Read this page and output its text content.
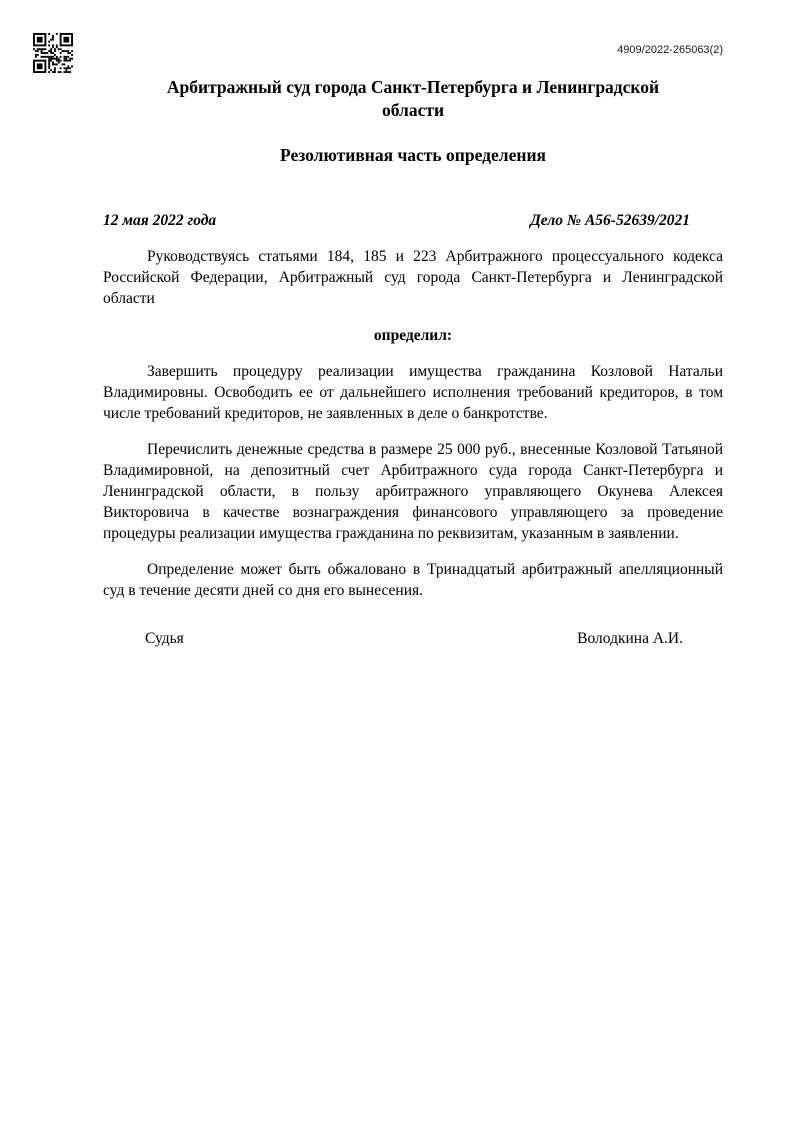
4909/2022-265063(2)
Арбитражный суд города Санкт-Петербурга и Ленинградской области
Резолютивная часть определения
12 мая 2022 года	Дело № А56-52639/2021

Руководствуясь статьями 184, 185 и 223 Арбитражного процессуального кодекса Российской Федерации, Арбитражный суд города Санкт-Петербурга и Ленинградской области

определил:

Завершить процедуру реализации имущества гражданина Козловой Натальи Владимировны. Освободить ее от дальнейшего исполнения требований кредиторов, в том числе требований кредиторов, не заявленных в деле о банкротстве.

Перечислить денежные средства в размере 25 000 руб., внесенные Козловой Татьяной Владимировной, на депозитный счет Арбитражного суда города Санкт-Петербурга и Ленинградской области, в пользу арбитражного управляющего Окунева Алексея Викторовича в качестве вознаграждения финансового управляющего за проведение процедуры реализации имущества гражданина по реквизитам, указанным в заявлении.

Определение может быть обжаловано в Тринадцатый арбитражный апелляционный суд в течение десяти дней со дня его вынесения.

Судья	Володкина А.И.
